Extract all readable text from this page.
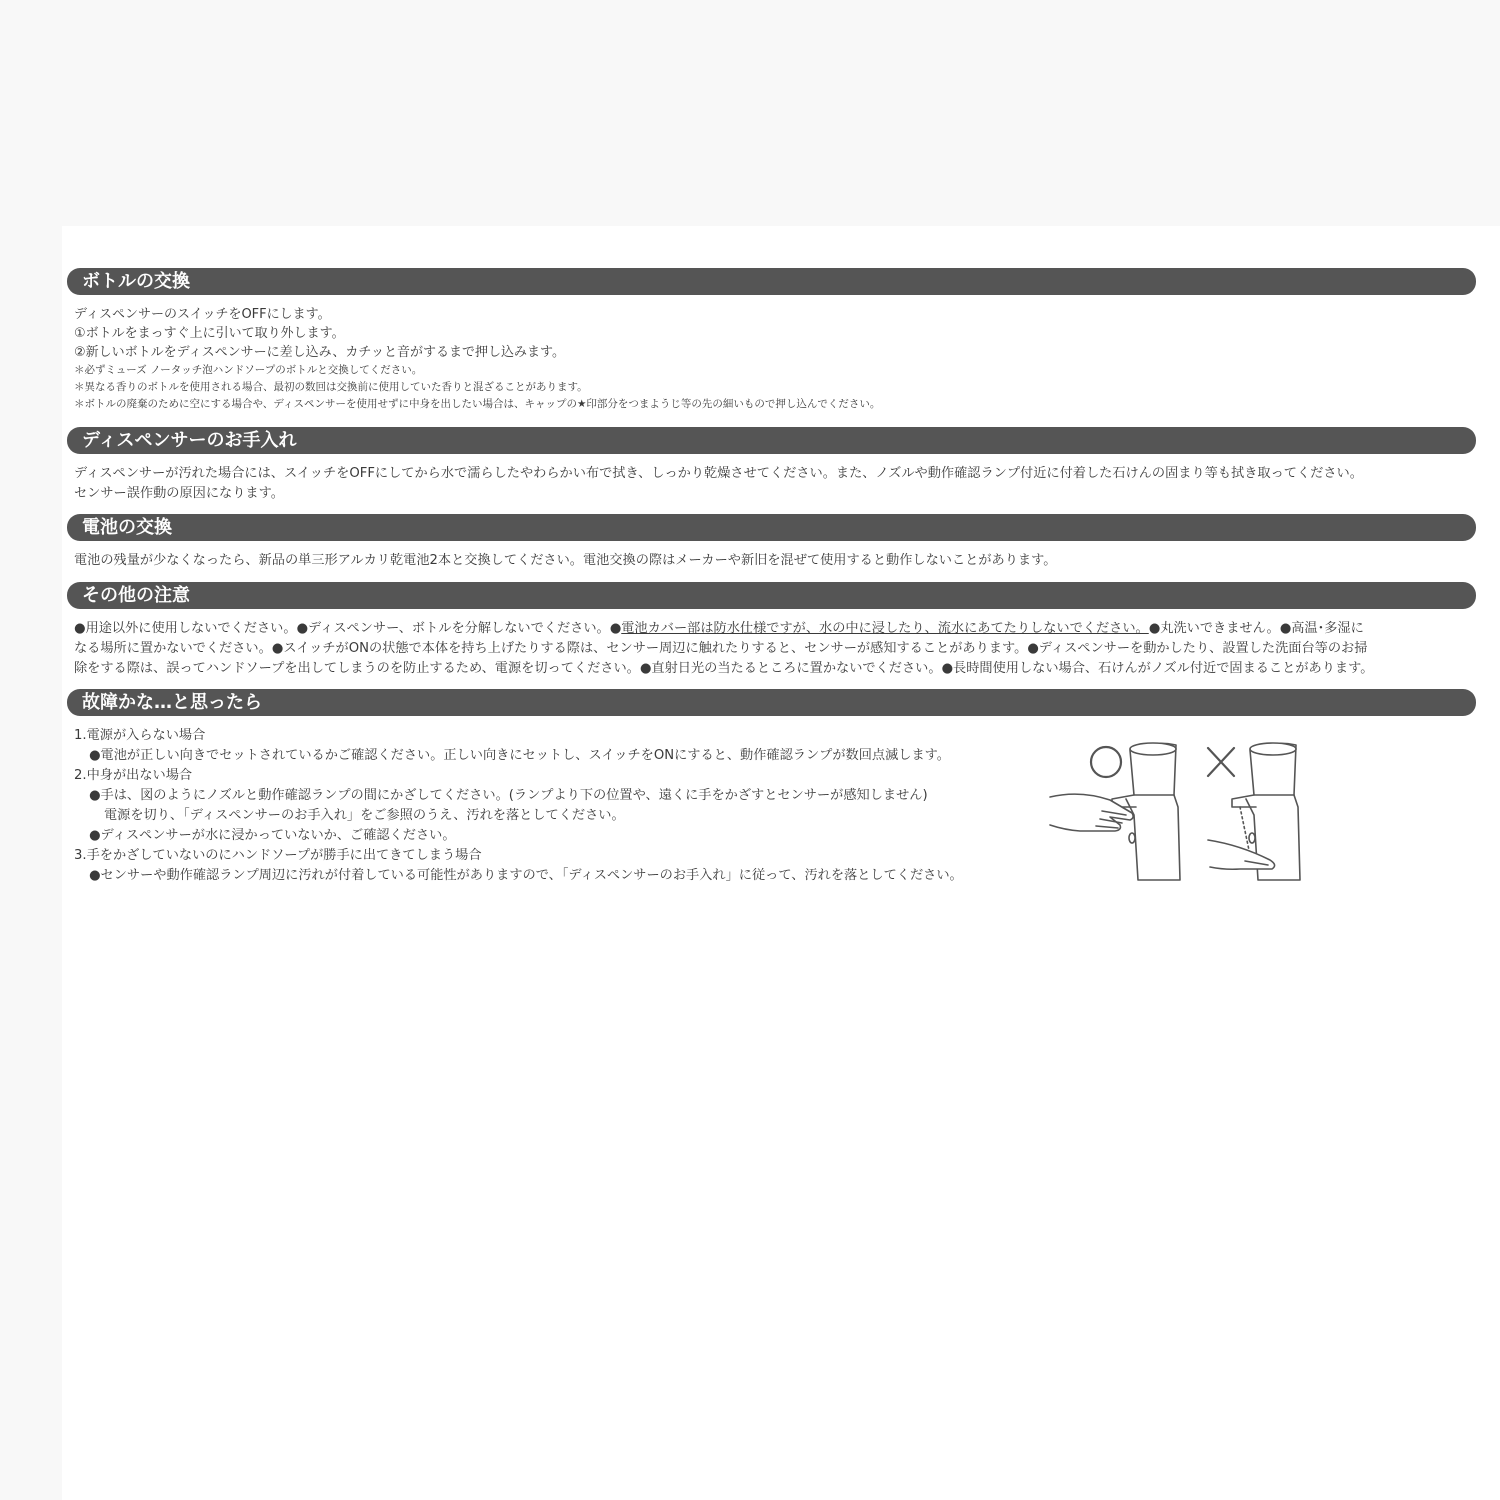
ボトルの交換

ディスペンサーのスイッチをOFFにします。

①ボトルをまっすぐ上に引いて取り外します。

②新しいボトルをディスペンサーに差し込み、カチッと音がするまで押し込みます。

＊必ずミューズ ノータッチ泡ハンドソープのボトルと交換してください。

＊異なる香りのボトルを使用される場合、最初の数回は交換前に使用していた香りと混ざることがあります。

＊ボトルの廃棄のために空にする場合や、ディスペンサーを使用せずに中身を出したい場合は、キャップの★印部分をつまようじ等の先の細いもので押し込んでください。

ディスペンサーのお手入れ

ディスペンサーが汚れた場合には、スイッチをOFFにしてから水で濡らしたやわらかい布で拭き、しっかり乾燥させてください。また、ノズルや動作確認ランプ付近に付着した石けんの固まり等も拭き取ってください。

センサー誤作動の原因になります。

電池の交換

電池の残量が少なくなったら、新品の単三形アルカリ乾電池2本と交換してください。電池交換の際はメーカーや新旧を混ぜて使用すると動作しないことがあります。

その他の注意

●用途以外に使用しないでください。●ディスペンサー、ボトルを分解しないでください。●電池カバー部は防水仕様ですが、水の中に浸したり、流水にあてたりしないでください。●丸洗いできません。●高温･多湿に

なる場所に置かないでください。●スイッチがONの状態で本体を持ち上げたりする際は、センサー周辺に触れたりすると、センサーが感知することがあります。●ディスペンサーを動かしたり、設置した洗面台等のお掃

除をする際は、誤ってハンドソープを出してしまうのを防止するため、電源を切ってください。●直射日光の当たるところに置かないでください。●長時間使用しない場合、石けんがノズル付近で固まることがあります。

故障かな…と思ったら

1.電源が入らない場合

●電池が正しい向きでセットされているかご確認ください。正しい向きにセットし、スイッチをONにすると、動作確認ランプが数回点滅します。

2.中身が出ない場合

●手は、図のようにノズルと動作確認ランプの間にかざしてください。(ランプより下の位置や、遠くに手をかざすとセンサーが感知しません)

電源を切り、「ディスペンサーのお手入れ」をご参照のうえ、汚れを落としてください。

●ディスペンサーが水に浸かっていないか、ご確認ください。

3.手をかざしていないのにハンドソープが勝手に出てきてしまう場合

●センサーや動作確認ランプ周辺に汚れが付着している可能性がありますので、「ディスペンサーのお手入れ」に従って、汚れを落としてください。
